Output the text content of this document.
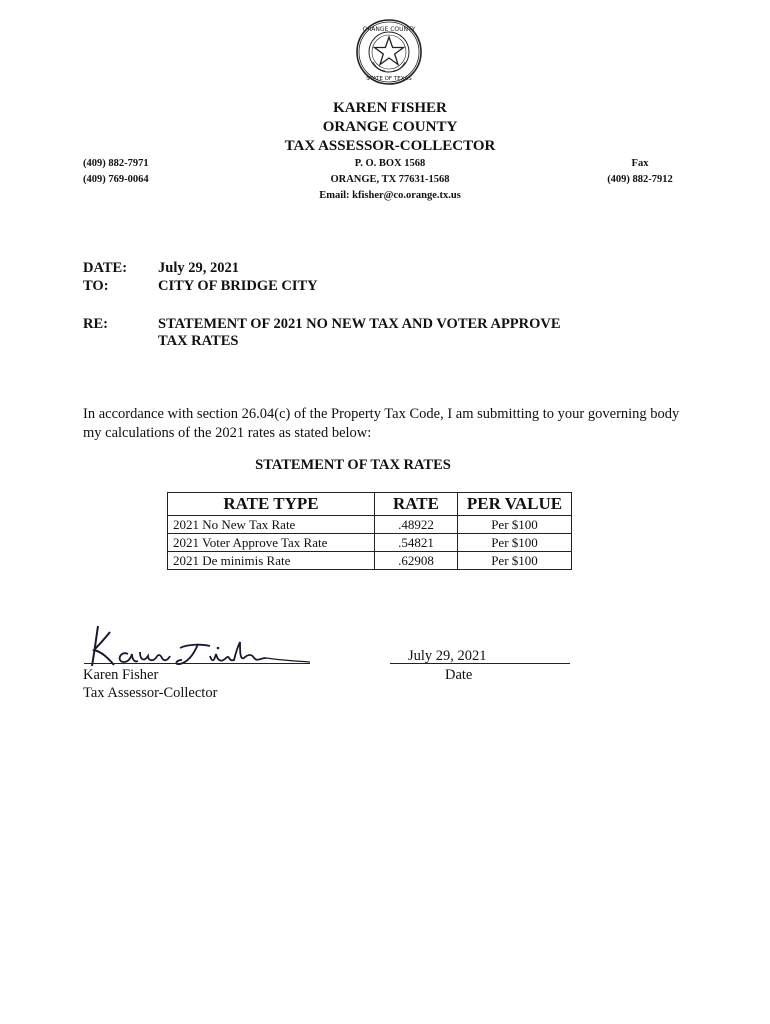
ORANGE COUNTY
STATE OF TEXAS
KAREN FISHER
ORANGE COUNTY
TAX ASSESSOR-COLLECTOR
P. O. BOX 1568
ORANGE, TX 77631-1568
Email: kfisher@co.orange.tx.us
(409) 882-7971
(409) 769-0064
Fax
(409) 882-7912
DATE: July 29, 2021
TO:	CITY OF BRIDGE CITY
RE:	STATEMENT OF 2021 NO NEW TAX AND VOTER APPROVE
TAX RATES
In accordance with section 26.04(c) of the Property Tax Code, I am submitting to your governing body my calculations of the 2021 rates as stated below:
STATEMENT OF TAX RATES
RATE TYPE	RATE	PER VALUE
2021 No New Tax Rate	.48922	Per $100
2021 Voter Approve Tax Rate	.54821	Per $100
2021 De minimis Rate	.62908	Per $100
Karen Fisher
Tax Assessor-Collector
July 29, 2021
Date
